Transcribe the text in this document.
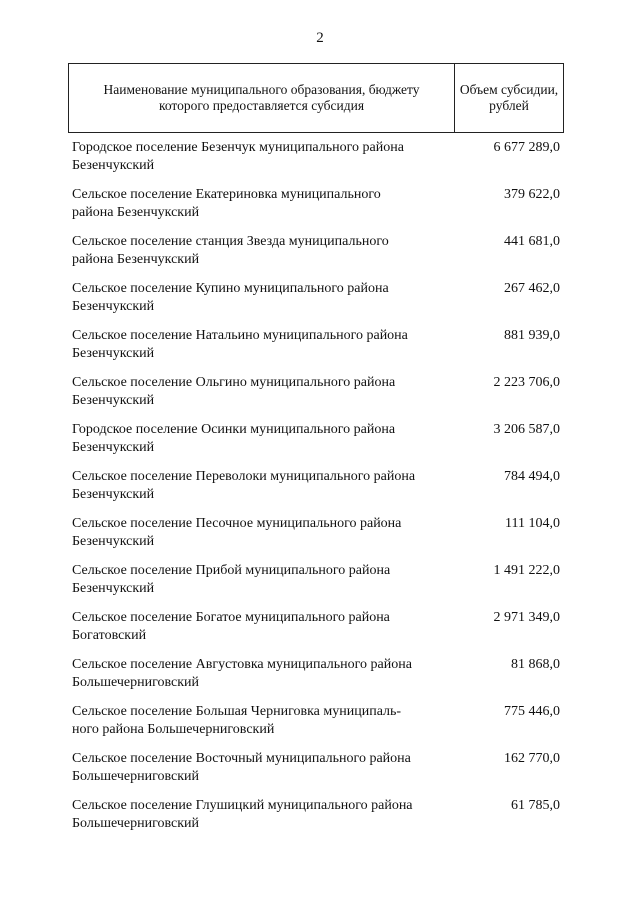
2
Наименование муниципального образования, бюджету которого предоставляется субсидия
Объем субсидии, рублей
Городское поселение Безенчук муниципального района
Безенчукский
6 677 289,0
Сельское поселение Екатериновка муниципального
района Безенчукский
379 622,0
Сельское поселение станция Звезда муниципального
района Безенчукский
441 681,0
Сельское поселение Купино муниципального района
Безенчукский
267 462,0
Сельское поселение Натальино муниципального района
Безенчукский
881 939,0
Сельское поселение Ольгино муниципального района
Безенчукский
2 223 706,0
Городское поселение Осинки муниципального района
Безенчукский
3 206 587,0
Сельское поселение Переволоки муниципального района
Безенчукский
784 494,0
Сельское поселение Песочное муниципального района
Безенчукский
111 104,0
Сельское поселение Прибой муниципального района
Безенчукский
1 491 222,0
Сельское поселение Богатое муниципального района
Богатовский
2 971 349,0
Сельское поселение Августовка муниципального района
Большечерниговский
81 868,0
Сельское поселение Большая Черниговка муниципаль-
ного района Большечерниговский
775 446,0
Сельское поселение Восточный муниципального района
Большечерниговский
162 770,0
Сельское поселение Глушицкий муниципального района
Большечерниговский
61 785,0
